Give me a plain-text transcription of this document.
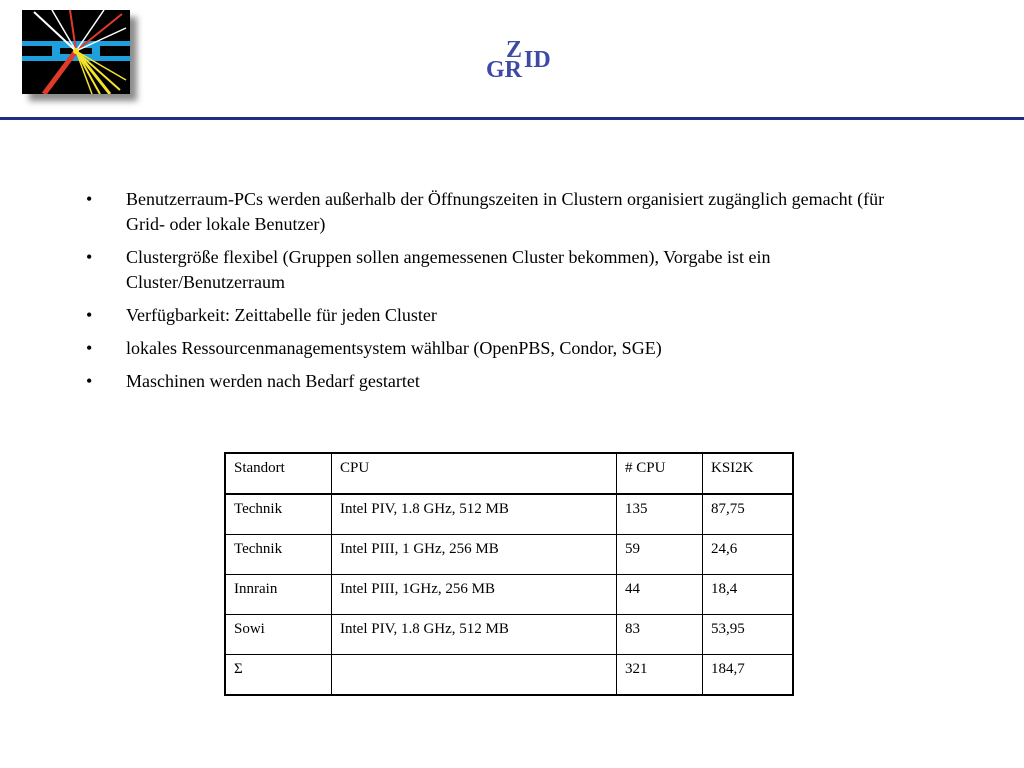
Z
GR ID
• Benutzerraum-PCs werden außerhalb der Öffnungszeiten in Clustern organisiert zugänglich gemacht (für Grid- oder lokale Benutzer)
• Clustergröße flexibel (Gruppen sollen angemessenen Cluster bekommen), Vorgabe ist ein Cluster/Benutzerraum
• Verfügbarkeit: Zeittabelle für jeden Cluster
• lokales Ressourcenmanagementsystem wählbar (OpenPBS, Condor, SGE)
• Maschinen werden nach Bedarf gestartet
Standort	CPU	# CPU	KSI2K
Technik	Intel PIV, 1.8 GHz, 512 MB	135	87,75
Technik	Intel PIII, 1 GHz, 256 MB	59	24,6
Innrain	Intel PIII, 1GHz, 256 MB	44	18,4
Sowi	Intel PIV, 1.8 GHz, 512 MB	83	53,95
Σ		321	184,7
